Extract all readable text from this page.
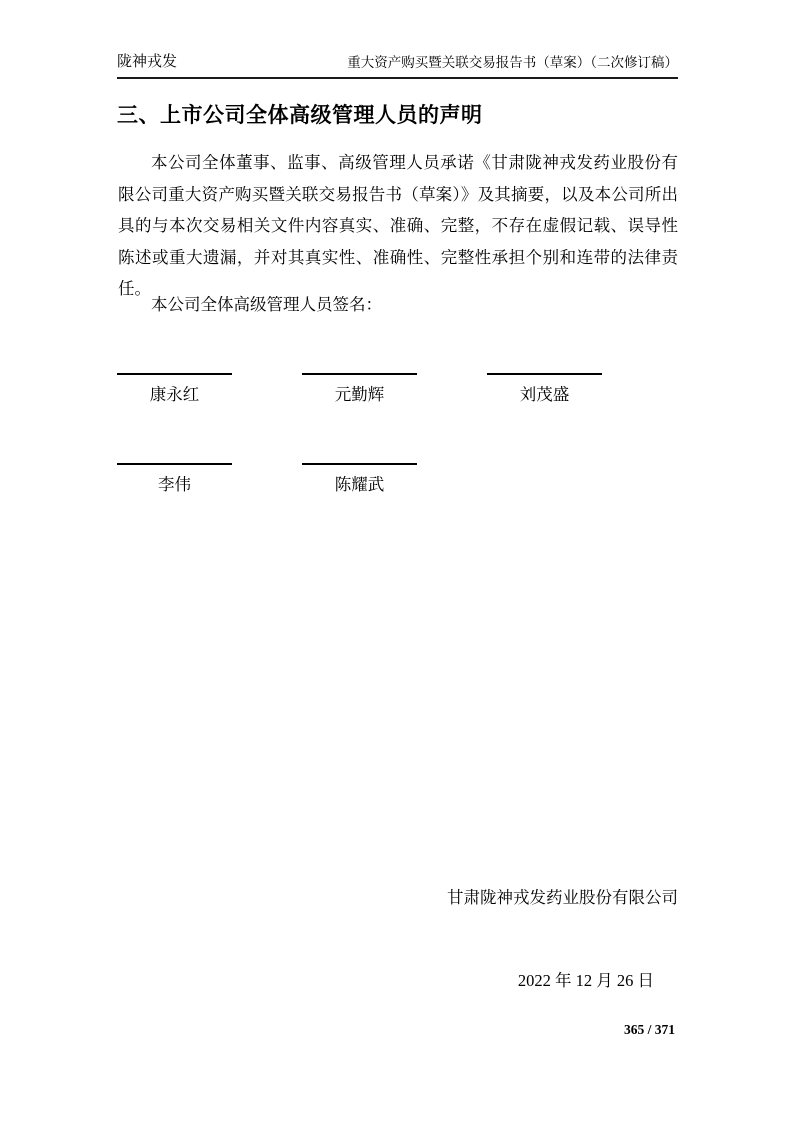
陇神戎发	重大资产购买暨关联交易报告书（草案）（二次修订稿）
三、上市公司全体高级管理人员的声明
本公司全体董事、监事、高级管理人员承诺《甘肃陇神戎发药业股份有限公司重大资产购买暨关联交易报告书（草案）》及其摘要，以及本公司所出具的与本次交易相关文件内容真实、准确、完整，不存在虚假记载、误导性陈述或重大遗漏，并对其真实性、准确性、完整性承担个别和连带的法律责任。
本公司全体高级管理人员签名：
康永红	元勤辉	刘茂盛
李伟	陈耀武
甘肃陇神戎发药业股份有限公司
2022 年 12 月 26 日
365 / 371
